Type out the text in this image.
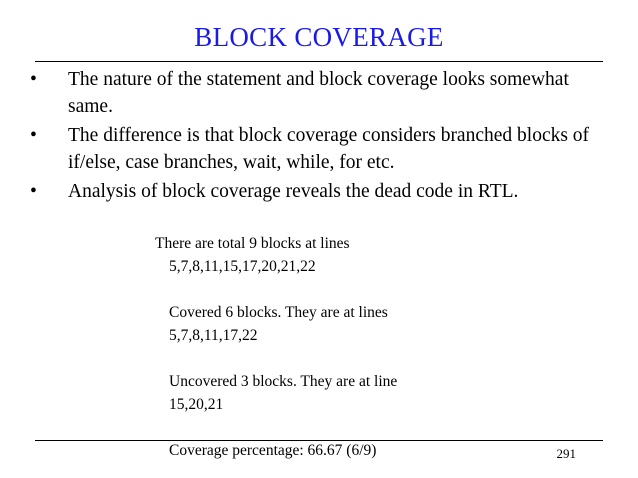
BLOCK COVERAGE
• The nature of the statement and block coverage looks somewhat same.
• The difference is that block coverage considers branched blocks of if/else, case branches, wait, while, for etc.
• Analysis of block coverage reveals the dead code in RTL.
There are total 9 blocks at lines
5,7,8,11,15,17,20,21,22
Covered 6 blocks. They are at lines
5,7,8,11,17,22
Uncovered 3 blocks. They are at line
15,20,21
Coverage percentage: 66.67 (6/9)	291
